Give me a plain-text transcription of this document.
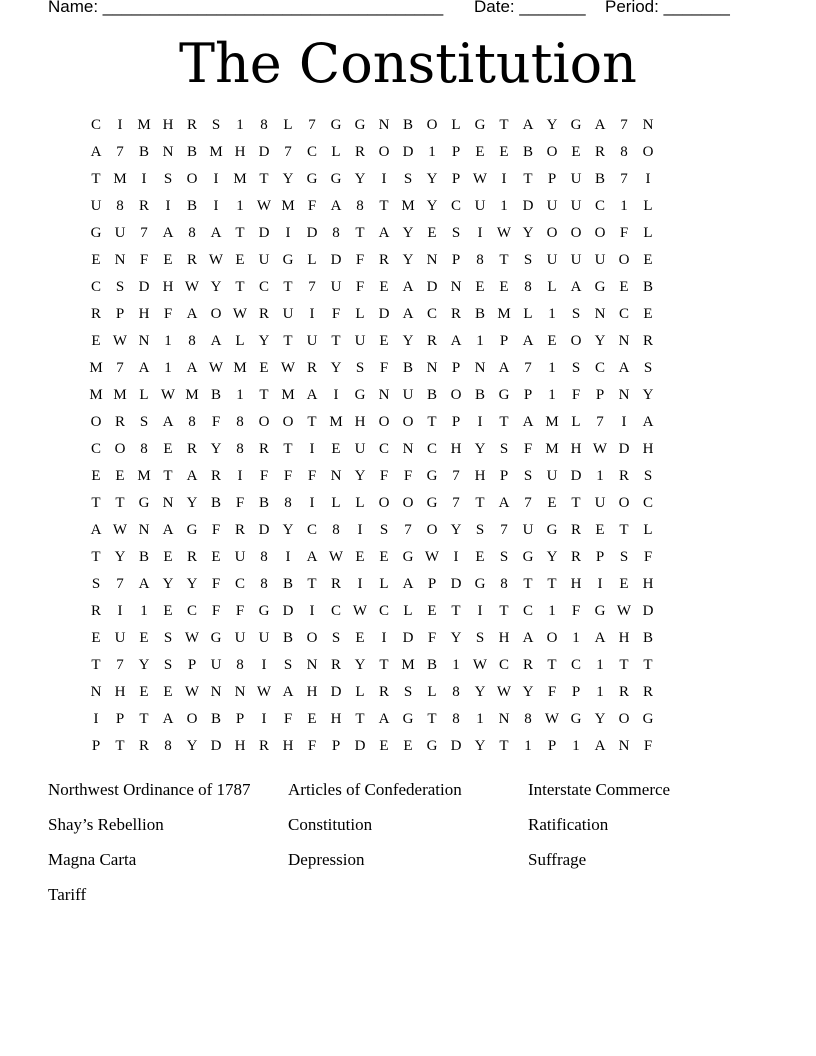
Name: ____________________________________ Date: _______ Period: _______
The Constitution
C	I M H R S	1	8	L	7 G G N B O L G T A Y G A 7 N
A 7	B N B M H D 7	C L R O D 1	P	E E B O E R	8 O
T M I	S O	I M T Y G G Y	I	S Y P W I	T	P U B	7	I
U 8	R	I	B	I	1 W M F A 8	T M Y C U 1 D U U C	1	L
G U 7 A 8 A T D	I	D 8	T A Y E	S	I W Y O O O F	L
E N F	E R W E U G L D F R Y N P	8	T	S U U U O E
C S D H W Y T C T	7 U F	E A D N E E	8	L A G E B
R P H F A O W R U	I	F	L D A C R B M L	1	S N C E
E W N 1	8 A L Y T U T U E Y R A 1	P A E O Y N R
M 7 A 1 A W M E W R Y S	F B N P N A 7	1	S C A S
M M L W M B	1	T M A	I	G N U B O B G P	1	F	P N Y
O R S A 8	F	8 O O T M H O O T	P	I	T A M L	7	I	A
C O 8	E R Y 8	R T	I	E U C N C H Y S	F M H W D H
E E M T A R	I	F	F	F N Y F	F G 7 H P	S U D 1	R S
T T G N Y B F B	8	I	L L O O G 7	T A 7	E T U O C
A W N A G F R D Y C	8	I	S	7 O Y S	7 U G R E T L
T Y B E R E U 8	I	A W E E G W I	E	S G Y R P	S	F
S	7 A Y Y F C	8	B T R	I	L A P D G 8	T T H	I	E H
R	I	1	E C F	F G D	I	C W C L E T	I	T C	1	F G W D
E U E	S W G U U B O S	E	I	D F Y S H A O 1 A H B
T	7 Y S	P U 8	I	S N R Y T M B	1 W C R T C	1	T T
N H E E W N N W A H D L R S	L	8 Y W Y F	P	1	R R
I	P	T A O B P	I	F	E H T A G T	8	1 N 8 W G Y O G
P	T R	8 Y D H R H F	P D E E G D Y T	1	P	1 A N F
Northwest Ordinance of 1787	Articles of Confederation	Interstate Commerce
Shay’s Rebellion	Constitution	Ratification
Magna Carta	Depression	Suffrage
Tariff
